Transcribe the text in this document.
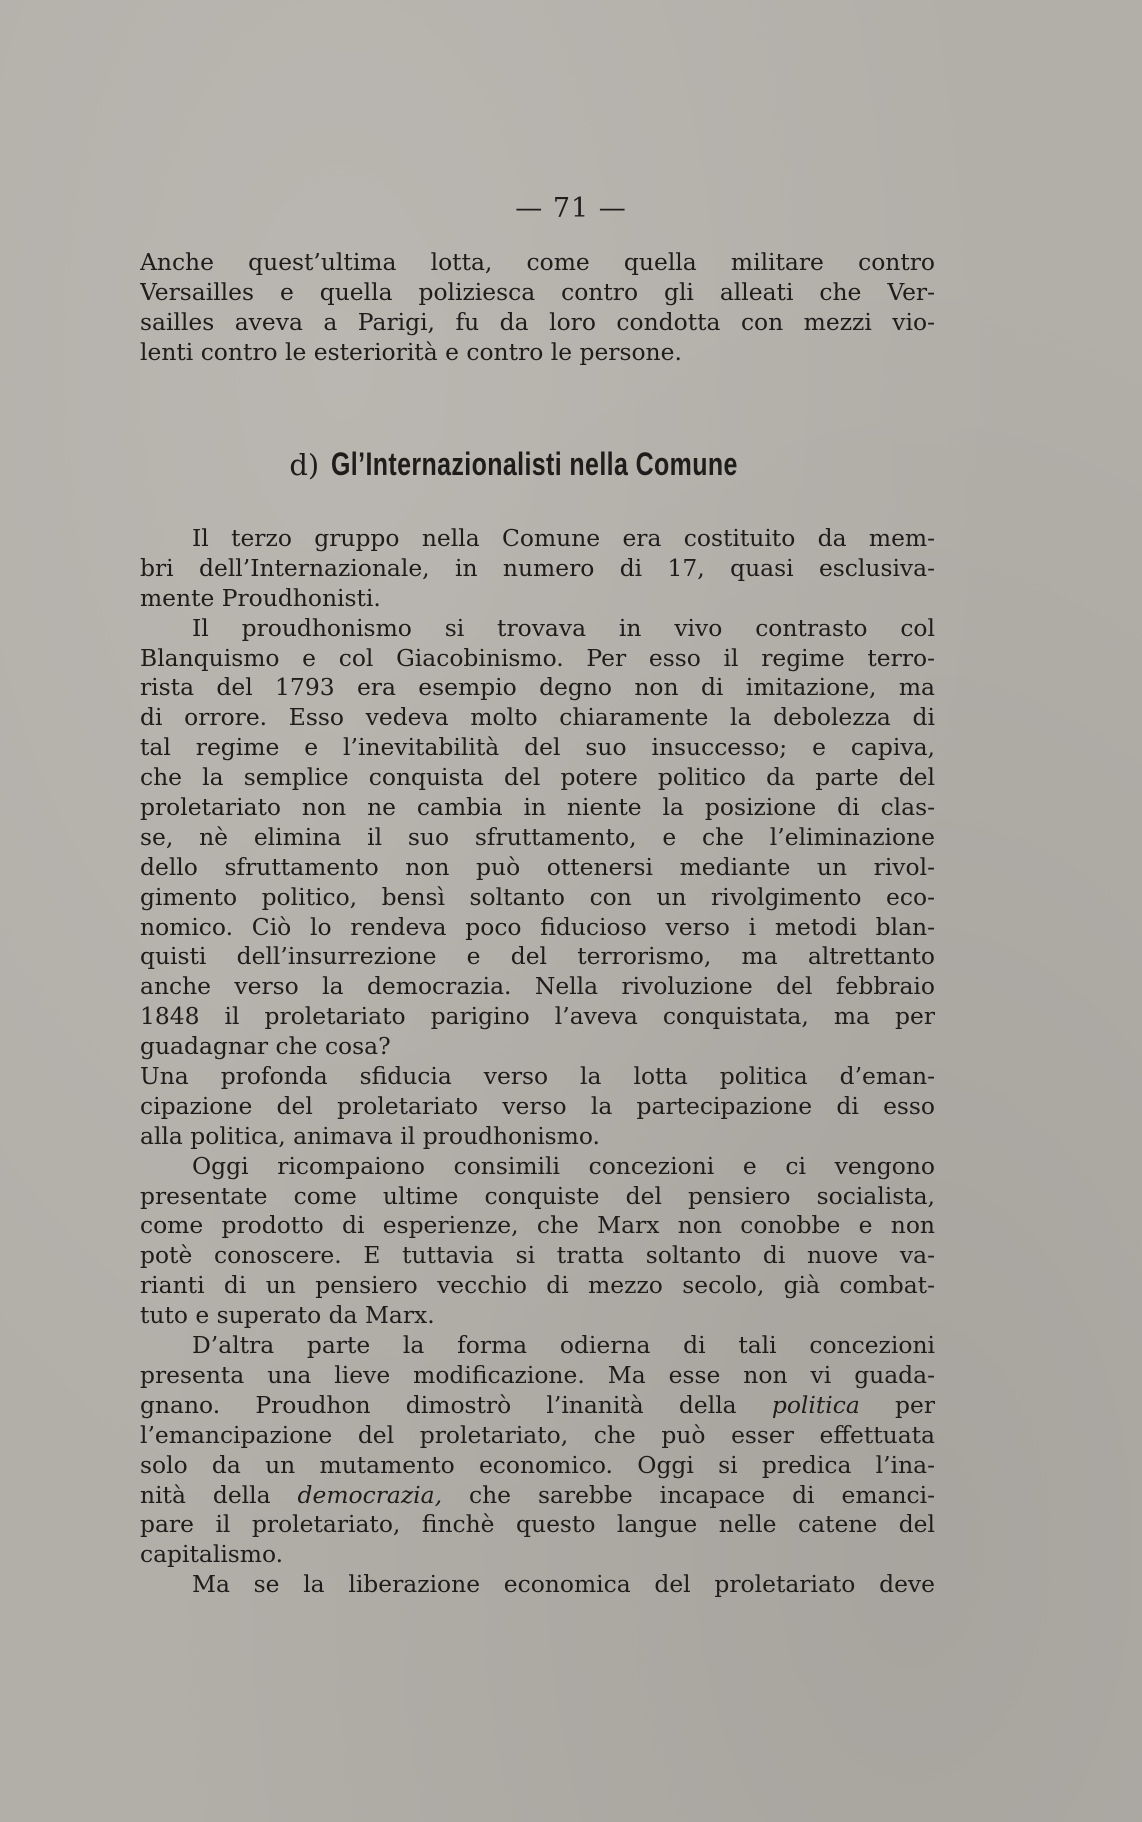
— 71 —
Anche quest’ultima lotta, come quella militare contro
Versailles e quella poliziesca contro gli alleati che Ver-
sailles aveva a Parigi, fu da loro condotta con mezzi vio-
lenti contro le esteriorità e contro le persone.
d) Gl’Internazionalisti nella Comune
Il terzo gruppo nella Comune era costituito da mem-
bri dell’Internazionale, in numero di 17, quasi esclusiva-
mente Proudhonisti.
Il proudhonismo si trovava in vivo contrasto col
Blanquismo e col Giacobinismo. Per esso il regime terro-
rista del 1793 era esempio degno non di imitazione, ma
di orrore. Esso vedeva molto chiaramente la debolezza di
tal regime e l’inevitabilità del suo insuccesso; e capiva,
che la semplice conquista del potere politico da parte del
proletariato non ne cambia in niente la posizione di clas-
se, nè elimina il suo sfruttamento, e che l’eliminazione
dello sfruttamento non può ottenersi mediante un rivol-
gimento politico, bensì soltanto con un rivolgimento eco-
nomico. Ciò lo rendeva poco fiducioso verso i metodi blan-
quisti dell’insurrezione e del terrorismo, ma altrettanto
anche verso la democrazia. Nella rivoluzione del febbraio
1848 il proletariato parigino l’aveva conquistata, ma per
guadagnar che cosa?
Una profonda sfiducia verso la lotta politica d’eman-
cipazione del proletariato verso la partecipazione di esso
alla politica, animava il proudhonismo.
Oggi ricompaiono consimili concezioni e ci vengono
presentate come ultime conquiste del pensiero socialista,
come prodotto di esperienze, che Marx non conobbe e non
potè conoscere. E tuttavia si tratta soltanto di nuove va-
rianti di un pensiero vecchio di mezzo secolo, già combat-
tuto e superato da Marx.
D’altra parte la forma odierna di tali concezioni
presenta una lieve modificazione. Ma esse non vi guada-
gnano. Proudhon dimostrò l’inanità della politica per
l’emancipazione del proletariato, che può esser effettuata
solo da un mutamento economico. Oggi si predica l’ina-
nità della democrazia, che sarebbe incapace di emanci-
pare il proletariato, finchè questo langue nelle catene del
capitalismo.
Ma se la liberazione economica del proletariato deve
